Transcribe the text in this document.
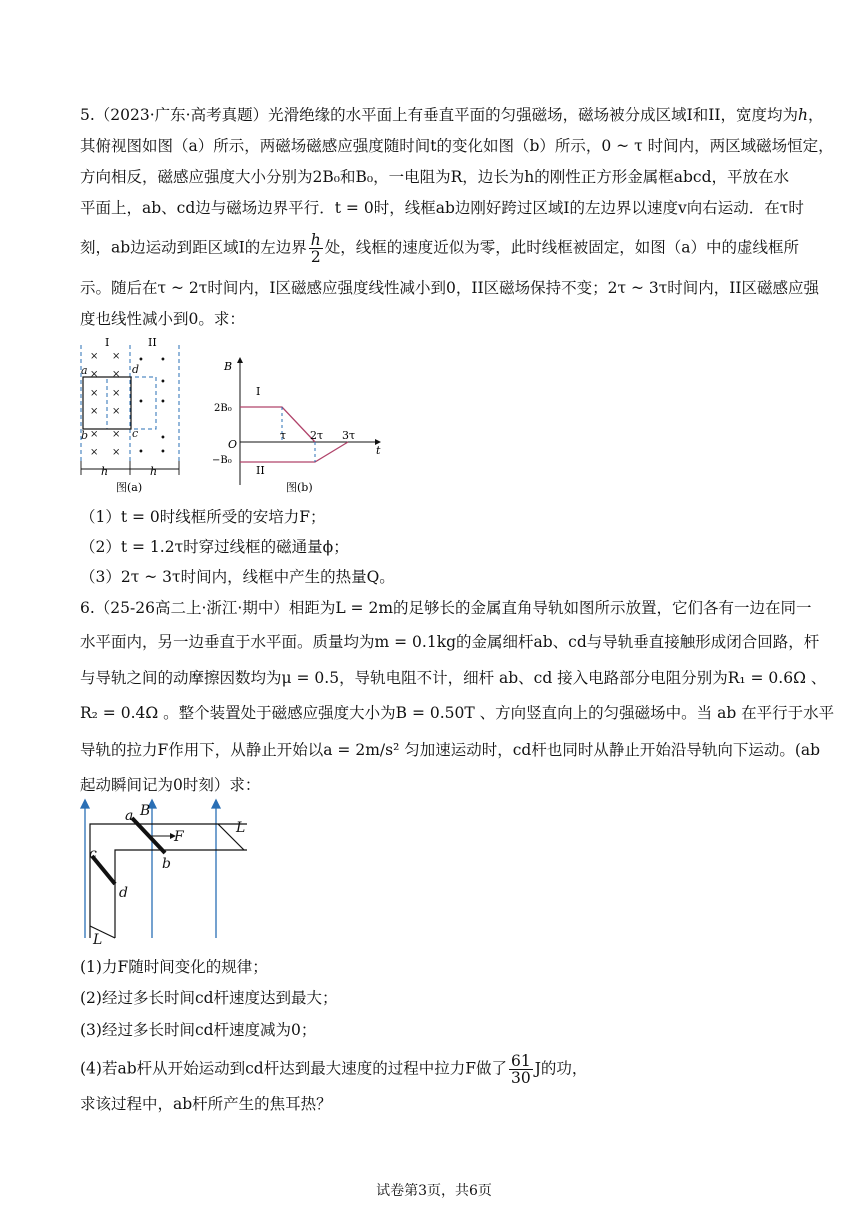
5.（2023·广东·高考真题）光滑绝缘的水平面上有垂直平面的匀强磁场，磁场被分成区域I和II，宽度均为h，
其俯视图如图（a）所示，两磁场磁感应强度随时间t的变化如图（b）所示，0 ~ τ 时间内，两区域磁场恒定，
方向相反，磁感应强度大小分别为2B₀和B₀，一电阻为R，边长为h的刚性正方形金属框abcd，平放在水
平面上，ab、cd边与磁场边界平行．t = 0时，线框ab边刚好跨过区域I的左边界以速度v向右运动．在τ时
刻，ab边运动到距区域I的左边界 $\frac{h}{2}$ 处，线框的速度近似为零，此时线框被固定，如图（a）中的虚线框所
示。随后在τ ~ 2τ时间内，I区磁感应强度线性减小到0，II区磁场保持不变；2τ ~ 3τ时间内，II区磁感应强
度也线性减小到0。求：
I	II
× ×
× ×
× ×
× ×
× ×
× ×
• •
•
• •
•
• •
a
b	c
d
h	h
图(a)
B
t
O
2B₀
−B₀
I
II
τ 2τ 3τ
图(b)
（1）t = 0时线框所受的安培力F；
（2）t = 1.2τ时穿过线框的磁通量ϕ；
（3）2τ ~ 3τ时间内，线框中产生的热量Q。
6.（25-26高二上·浙江·期中）相距为L = 2m的足够长的金属直角导轨如图所示放置，它们各有一边在同一
水平面内，另一边垂直于水平面。质量均为m = 0.1kg的金属细杆ab、cd与导轨垂直接触形成闭合回路，杆
与导轨之间的动摩擦因数均为μ = 0.5，导轨电阻不计，细杆 ab、cd 接入电路部分电阻分别为R₁ = 0.6Ω 、
R₂ = 0.4Ω 。整个装置处于磁感应强度大小为B = 0.50T 、方向竖直向上的匀强磁场中。当 ab 在平行于水平
导轨的拉力F作用下，从静止开始以a = 2m/s² 匀加速运动时，cd杆也同时从静止开始沿导轨向下运动。(ab
起动瞬间记为0时刻）求：
a B
F
b
c
d
L
L
(1)力F随时间变化的规律；
(2)经过多长时间cd杆速度达到最大；
(3)经过多长时间cd杆速度减为0；
(4)若ab杆从开始运动到cd杆达到最大速度的过程中拉力F做了 $\frac{61}{30}$ J的功，
求该过程中，ab杆所产生的焦耳热？
试卷第3页，共6页
